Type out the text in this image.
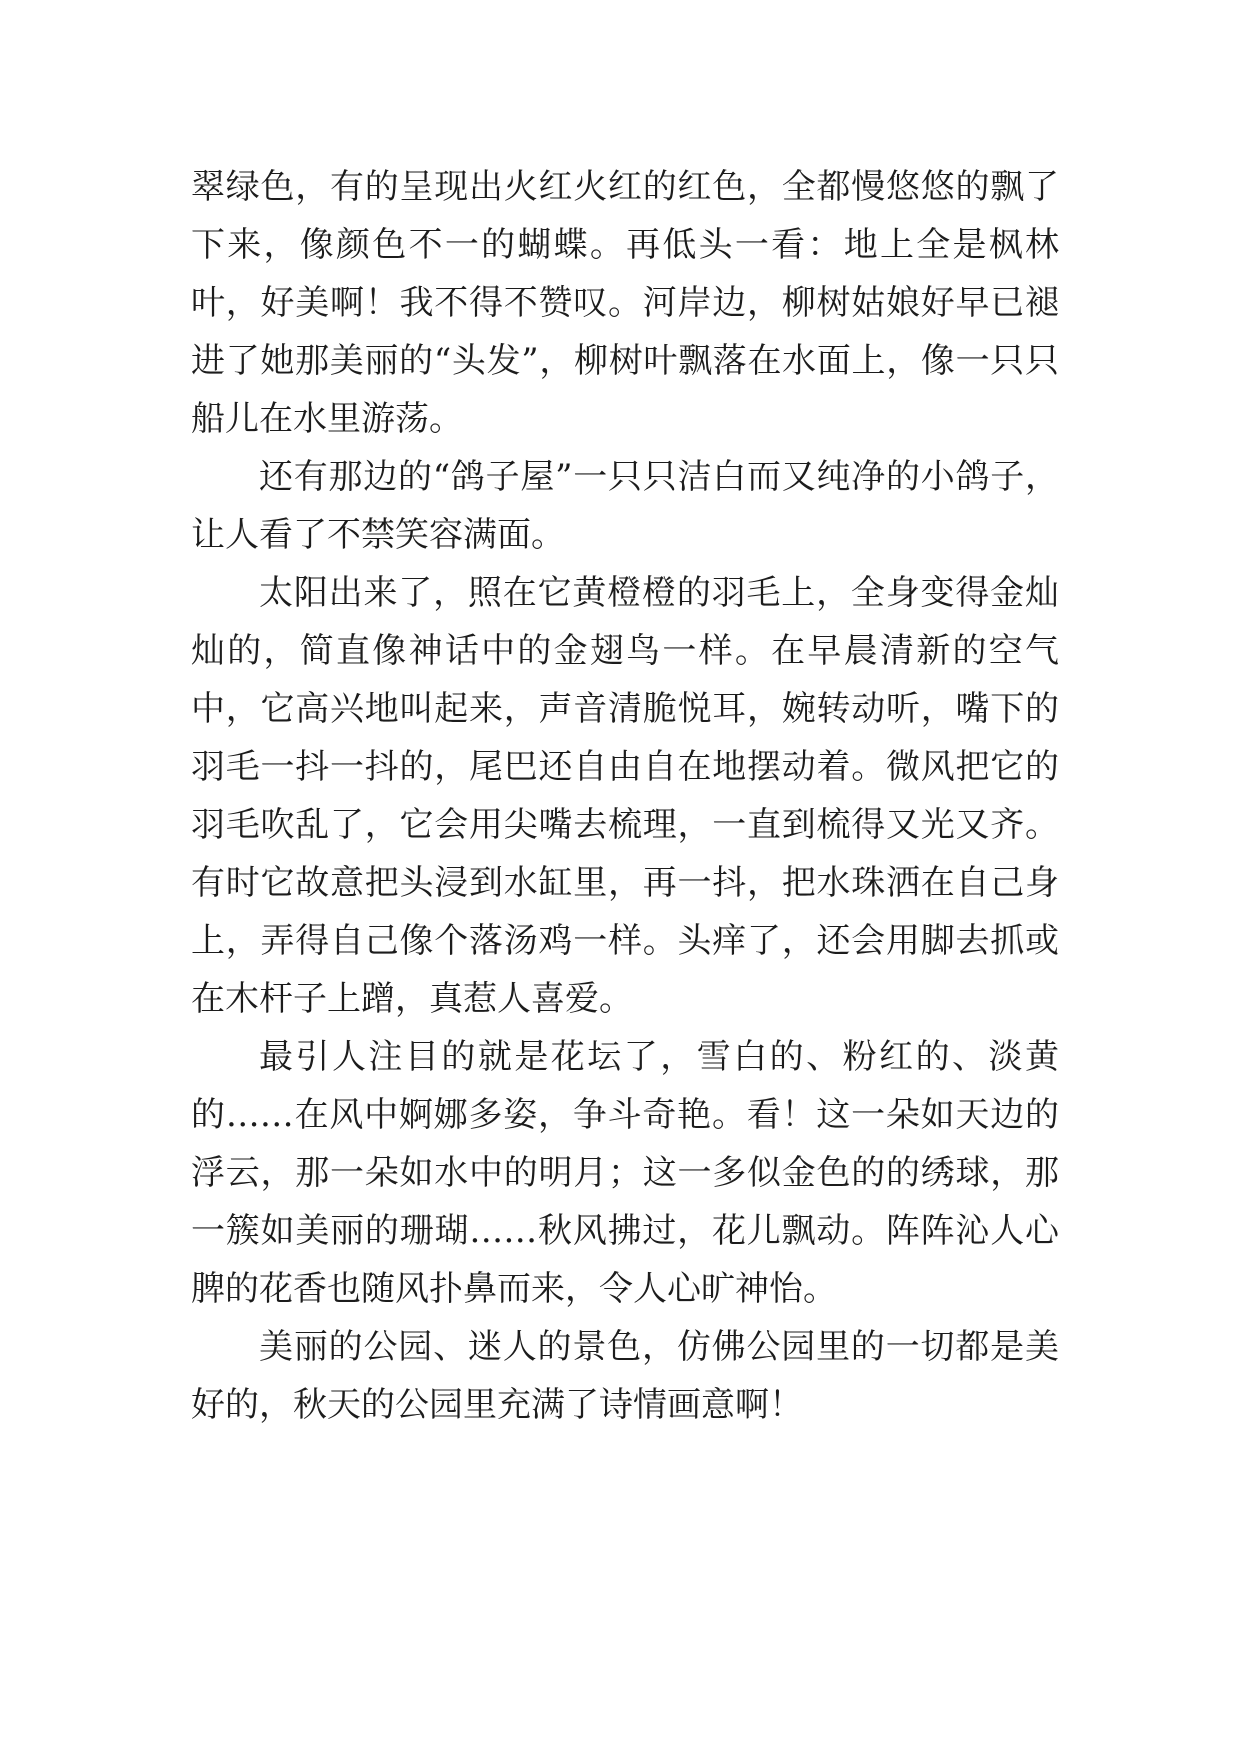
翠绿色，有的呈现出火红火红的红色，全都慢悠悠的飘了下来，像颜色不一的蝴蝶。再低头一看：地上全是枫林叶，好美啊！我不得不赞叹。河岸边，柳树姑娘好早已褪进了她那美丽的“头发”，柳树叶飘落在水面上，像一只只船儿在水里游荡。

还有那边的“鸽子屋”一只只洁白而又纯净的小鸽子，让人看了不禁笑容满面。

太阳出来了，照在它黄橙橙的羽毛上，全身变得金灿灿的，简直像神话中的金翅鸟一样。在早晨清新的空气中，它高兴地叫起来，声音清脆悦耳，婉转动听，嘴下的羽毛一抖一抖的，尾巴还自由自在地摆动着。微风把它的羽毛吹乱了，它会用尖嘴去梳理，一直到梳得又光又齐。有时它故意把头浸到水缸里，再一抖，把水珠洒在自己身上，弄得自己像个落汤鸡一样。头痒了，还会用脚去抓或在木杆子上蹭，真惹人喜爱。

最引人注目的就是花坛了，雪白的、粉红的、淡黄的……在风中婀娜多姿，争斗奇艳。看！这一朵如天边的浮云，那一朵如水中的明月；这一多似金色的的绣球，那一簇如美丽的珊瑚……秋风拂过，花儿飘动。阵阵沁人心脾的花香也随风扑鼻而来，令人心旷神怡。

美丽的公园、迷人的景色，仿佛公园里的一切都是美好的，秋天的公园里充满了诗情画意啊！
